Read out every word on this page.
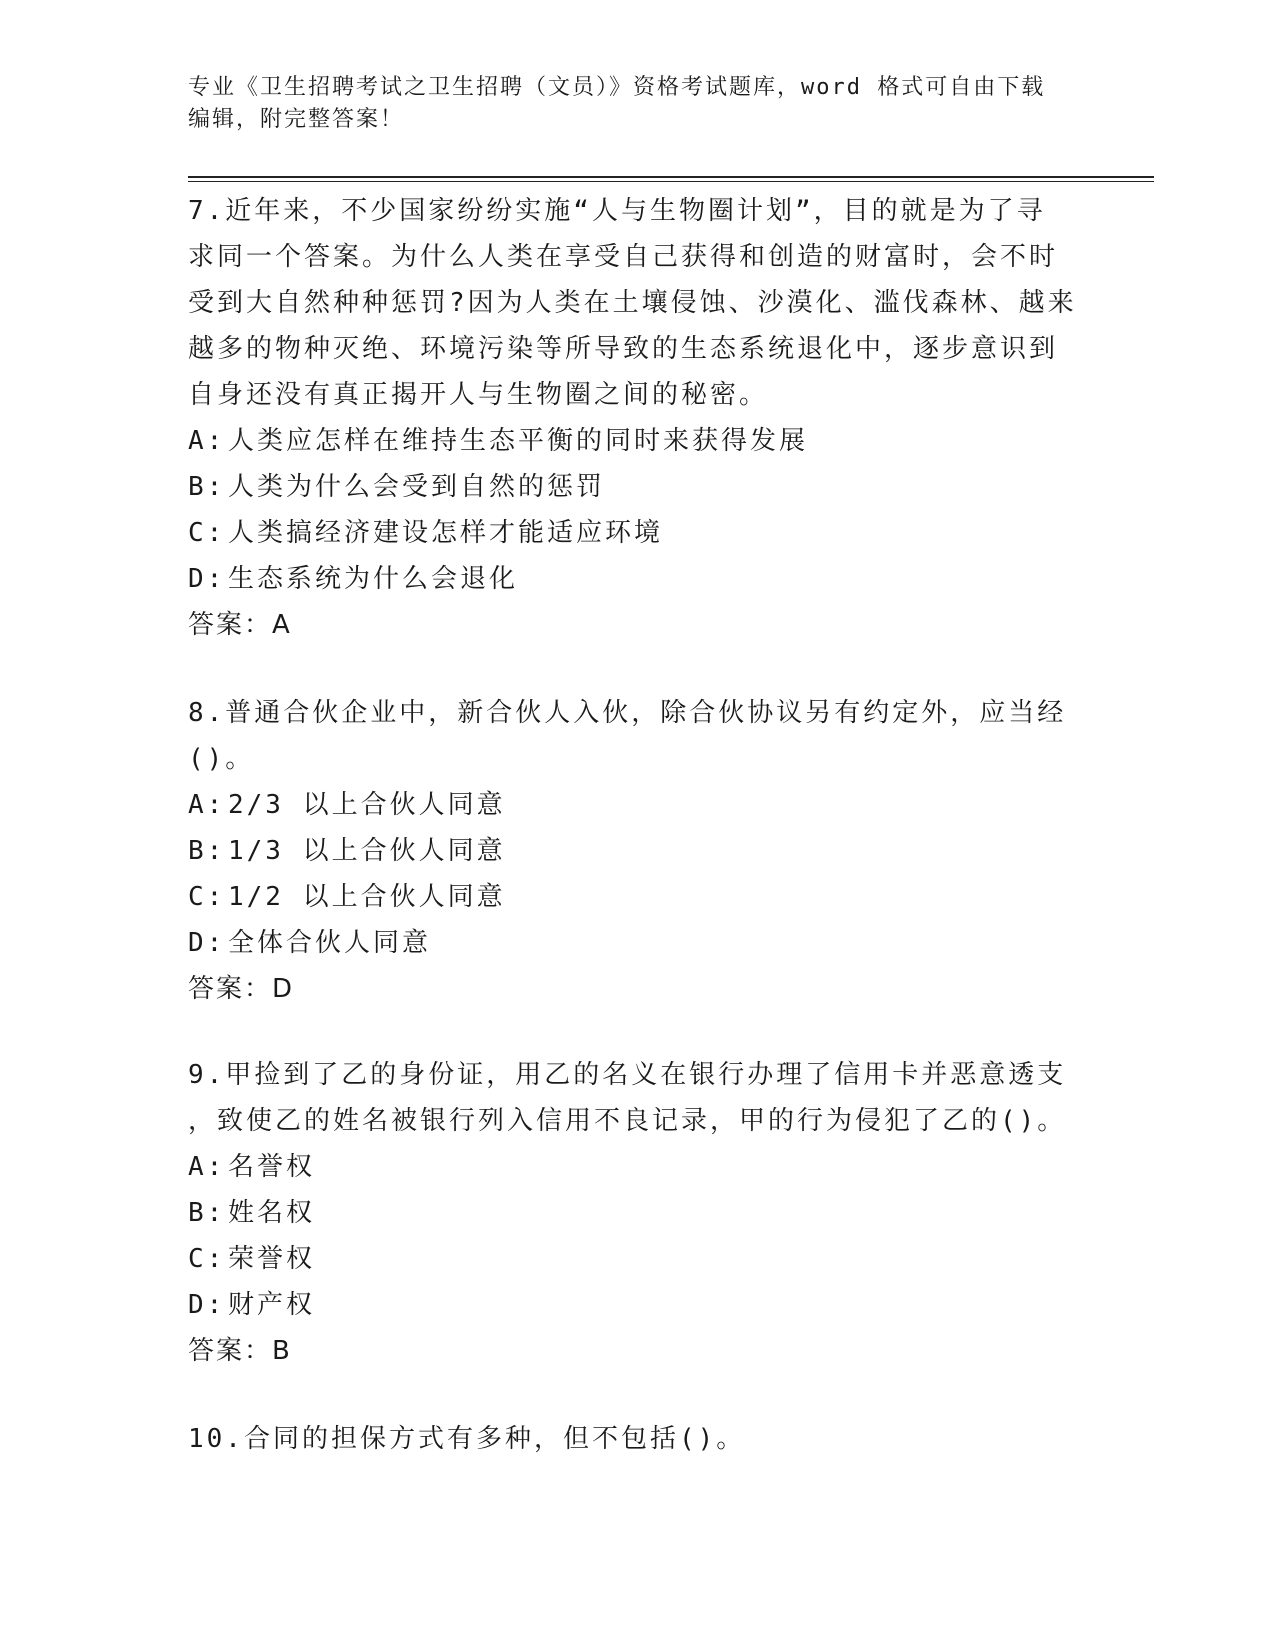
专业《卫生招聘考试之卫生招聘（文员）》资格考试题库，word 格式可自由下载
编辑，附完整答案！
7.近年来，不少国家纷纷实施“人与生物圈计划”，目的就是为了寻
求同一个答案。为什么人类在享受自己获得和创造的财富时，会不时
受到大自然种种惩罚?因为人类在土壤侵蚀、沙漠化、滥伐森林、越来
越多的物种灭绝、环境污染等所导致的生态系统退化中，逐步意识到
自身还没有真正揭开人与生物圈之间的秘密。
A: 人类应怎样在维持生态平衡的同时来获得发展
B: 人类为什么会受到自然的惩罚
C: 人类搞经济建设怎样才能适应环境
D: 生态系统为什么会退化
答案：A
8.普通合伙企业中，新合伙人入伙，除合伙协议另有约定外，应当经
()。
A: 2/3 以上合伙人同意
B: 1/3 以上合伙人同意
C: 1/2 以上合伙人同意
D: 全体合伙人同意
答案：D
9.甲捡到了乙的身份证，用乙的名义在银行办理了信用卡并恶意透支
，致使乙的姓名被银行列入信用不良记录，甲的行为侵犯了乙的()。
A: 名誉权
B: 姓名权
C: 荣誉权
D: 财产权
答案：B
10.合同的担保方式有多种，但不包括()。
